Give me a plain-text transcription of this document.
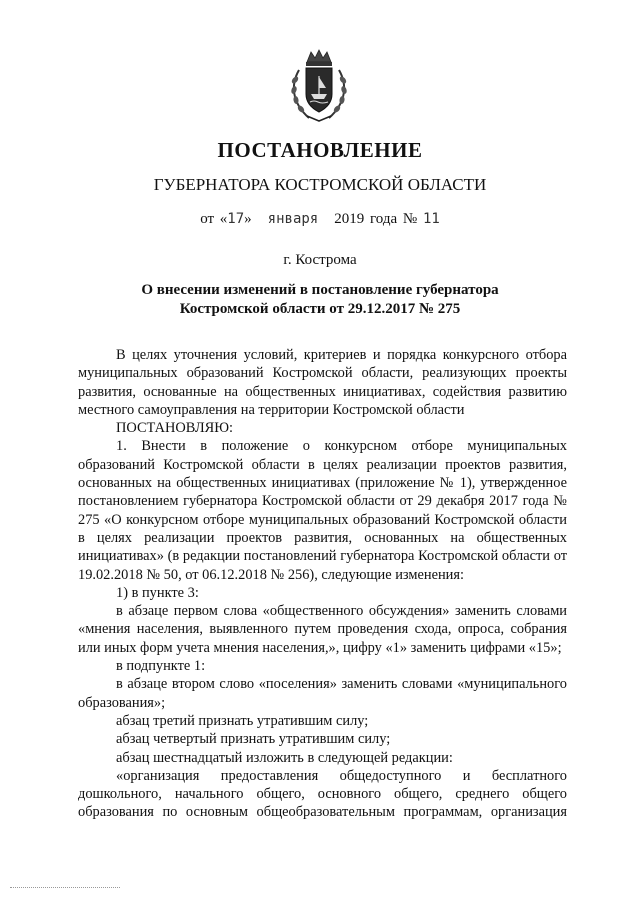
ПОСТАНОВЛЕНИЕ
ГУБЕРНАТОРА КОСТРОМСКОЙ ОБЛАСТИ
от «17» января 2019 года № 11
г. Кострома
О внесении изменений в постановление губернатора
Костромской области от 29.12.2017 № 275

В целях уточнения условий, критериев и порядка конкурсного отбора муниципальных образований Костромской области, реализующих проекты развития, основанные на общественных инициативах, содействия развитию местного самоуправления на территории Костромской области

ПОСТАНОВЛЯЮ:

1. Внести в положение о конкурсном отборе муниципальных образований Костромской области в целях реализации проектов развития, основанных на общественных инициативах (приложение № 1), утвержденное постановлением губернатора Костромской области от 29 декабря 2017 года № 275 «О конкурсном отборе муниципальных образований Костромской области в целях реализации проектов развития, основанных на общественных инициативах» (в редакции постановлений губернатора Костромской области от 19.02.2018 № 50, от 06.12.2018 № 256), следующие изменения:

1) в пункте 3:

в абзаце первом слова «общественного обсуждения» заменить словами «мнения населения, выявленного путем проведения схода, опроса, собрания или иных форм учета мнения населения,», цифру «1» заменить цифрами «15»;

в подпункте 1:

в абзаце втором слово «поселения» заменить словами «муниципального образования»;

абзац третий признать утратившим силу;

абзац четвертый признать утратившим силу;

абзац шестнадцатый изложить в следующей редакции:

«организация предоставления общедоступного и бесплатного дошкольного, начального общего, основного общего, среднего общего образования по основным общеобразовательным программам, организация
